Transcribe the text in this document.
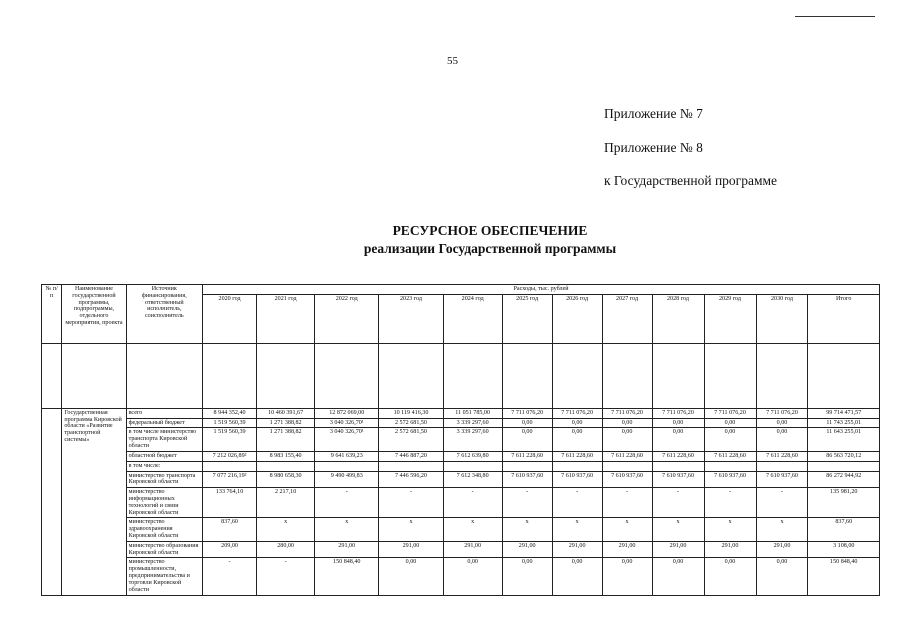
55
Приложение № 7
Приложение № 8
к Государственной программе
РЕСУРСНОЕ ОБЕСПЕЧЕНИЕ
реализации Государственной программы
№ п/п	Наименование государственной программы, подпрограммы, отдельного мероприятия, проекта	Источник финансирования, ответственный исполнитель, соисполнитель	Расходы, тыс. рублей											
			2020 год	2021 год	2022 год	2023 год	2024 год	2025 год	2026 год	2027 год	2028 год	2029 год	2030 год	Итого

	Государственная программа Кировской области «Развитие транспортной системы»	всего	8 944 352,40	10 460 391,67	12 872 069,00	10 119 416,30	11 051 785,00	7 711 076,20	7 711 076,20	7 711 076,20	7 711 076,20	7 711 076,20	7 711 076,20	99 714 471,57
		федеральный бюджет	1 519 560,39	1 271 388,82	3 040 326,70¹	2 572 681,50	3 339 297,60	0,00	0,00	0,00	0,00	0,00	0,00	11 743 255,01
		в том числе министерство транспорта Кировской области	1 519 560,39	1 271 388,82	3 040 326,70¹	2 572 681,50	3 339 297,60	0,00	0,00	0,00	0,00	0,00	0,00	11 643 255,01
		областной бюджет	7 212 026,89²	8 983 155,40	9 641 639,23	7 446 887,20	7 612 639,80	7 611 228,60	7 611 228,60	7 611 228,60	7 611 228,60	7 611 228,60	7 611 228,60	86 563 720,12
		в том числе:												
		министерство транспорта Кировской области	7 077 216,19²	8 980 658,30	9 490 499,83	7 446 596,20	7 612 348,80	7 610 937,60	7 610 937,60	7 610 937,60	7 610 937,60	7 610 937,60	7 610 937,60	86 272 944,92
		министерство информационных технологий и связи Кировской области	133 764,10	2 217,10	-	-	-	-	-	-	-	-	-	135 981,20
		министерство здравоохранения Кировской области	837,60	x	x	x	x	x	x	x	x	x	x	837,60
		министерство образования Кировской области	209,00	280,00	291,00	291,00	291,00	291,00	291,00	291,00	291,00	291,00	291,00	3 108,00
		министерство промышленности, предпринимательства и торговли Кировской области	-	-	150 848,40	0,00	0,00	0,00	0,00	0,00	0,00	0,00	0,00	150 848,40
